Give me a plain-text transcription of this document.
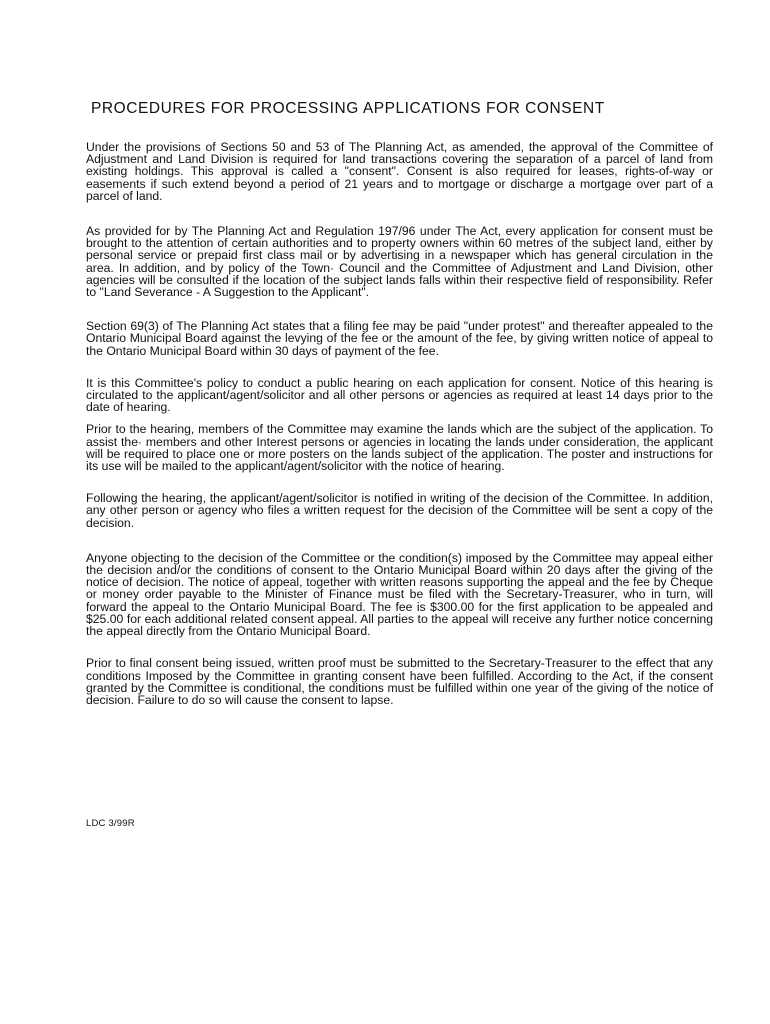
PROCEDURES FOR PROCESSING APPLICATIONS FOR CONSENT

Under the provisions of Sections 50 and 53 of The Planning Act, as amended, the approval of the Committee of Adjustment and Land Division is required for land transactions covering the separation of a parcel of land from existing holdings. This approval is called a "consent". Consent is also required for leases, rights-of-way or easements if such extend beyond a period of 21 years and to mortgage or discharge a mortgage over part of a parcel of land.

As provided for by The Planning Act and Regulation 197/96 under The Act, every application for consent must be brought to the attention of certain authorities and to property owners within 60 metres of the subject land, either by personal service or prepaid first class mail or by advertising in a newspaper which has general circulation in the area. In addition, and by policy of the Town· Council and the Committee of Adjustment and Land Division, other agencies will be consulted if the location of the subject lands falls within their respective field of responsibility. Refer to "Land Severance - A Suggestion to the Applicant".

Section 69(3) of The Planning Act states that a filing fee may be paid "under protest" and thereafter appealed to the Ontario Municipal Board against the levying of the fee or the amount of the fee, by giving written notice of appeal to the Ontario Municipal Board within 30 days of payment of the fee.

It is this Committee's policy to conduct a public hearing on each application for consent. Notice of this hearing is circulated to the applicant/agent/solicitor and all other persons or agencies as required at least 14 days prior to the date of hearing.

Prior to the hearing, members of the Committee may examine the lands which are the subject of the application. To assist the· members and other Interest persons or agencies in locating the lands under consideration, the applicant will be required to place one or more posters on the lands subject of the application. The poster and instructions for its use will be mailed to the applicant/agent/solicitor with the notice of hearing.

Following the hearing, the applicant/agent/solicitor is notified in writing of the decision of the Committee. In addition, any other person or agency who files a written request for the decision of the Committee will be sent a copy of the decision.

Anyone objecting to the decision of the Committee or the condition(s) imposed by the Committee may appeal either the decision and/or the conditions of consent to the Ontario Municipal Board within 20 days after the giving of the notice of decision. The notice of appeal, together with written reasons supporting the appeal and the fee by Cheque or money order payable to the Minister of Finance must be filed with the Secretary-Treasurer, who in turn, will forward the appeal to the Ontario Municipal Board. The fee is $300.00 for the first application to be appealed and $25.00 for each additional related consent appeal. All parties to the appeal will receive any further notice concerning the appeal directly from the Ontario Municipal Board.

Prior to final consent being issued, written proof must be submitted to the Secretary-Treasurer to the effect that any conditions Imposed by the Committee in granting consent have been fulfilled. According to the Act, if the consent granted by the Committee is conditional, the conditions must be fulfilled within one year of the giving of the notice of decision. Failure to do so will cause the consent to lapse.

LDC 3/99R
